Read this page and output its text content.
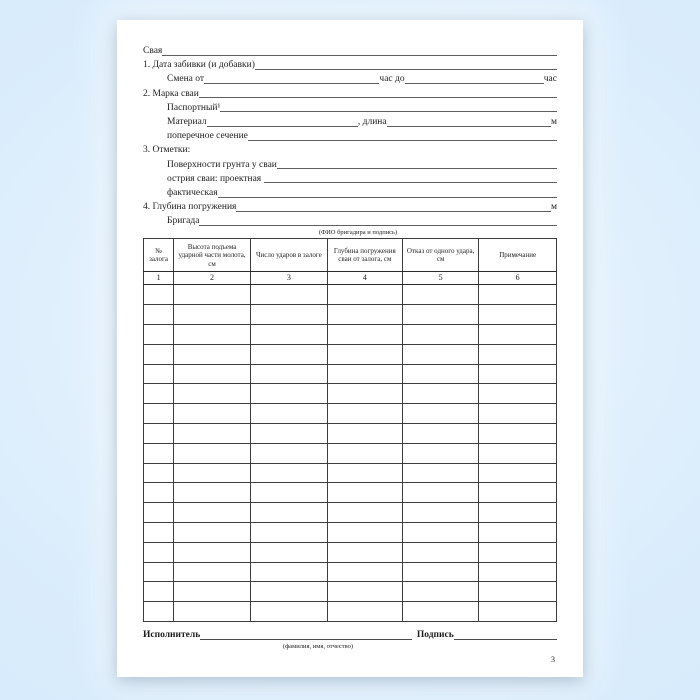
Свая
1. Дата забивки (и добавки)
Смена от	час до	час
2. Марка сваи
Паспортный¹
Материал	, длина	м
поперечное сечение
3. Отметки:
Поверхности грунта у сваи
острия сваи: проектная
фактическая
4. Глубина погружения	м
Бригада
(ФИО бригадира и подпись)
№ залога	Высота подъема ударной части молота, см	Число ударов в залоге	Глубина погружения сваи от залога, см	Отказ от одного удара, см	Примечание
1	2	3	4	5	6

Исполнитель	Подпись
(фамилия, имя, отчество)
3
